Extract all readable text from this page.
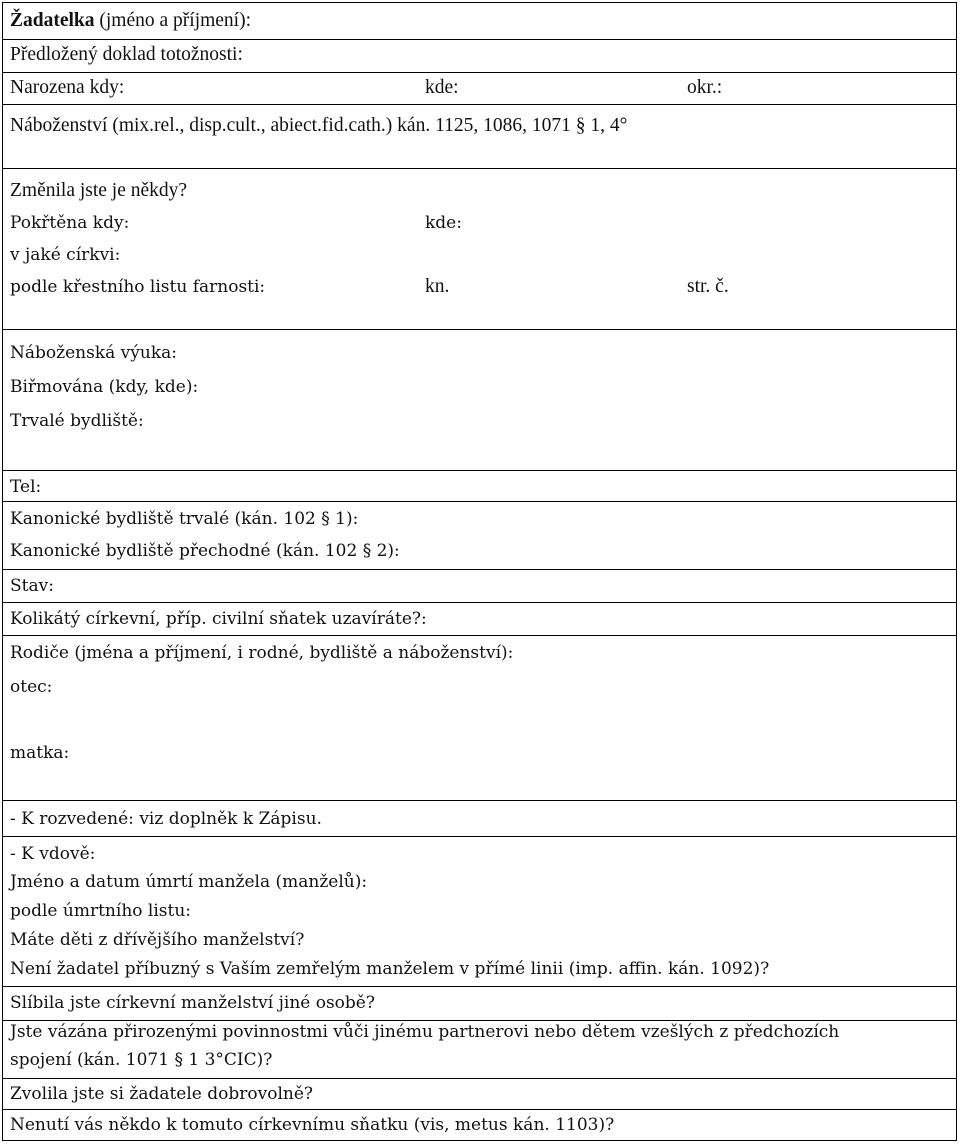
Žadatelka (jméno a příjmení):
Předložený doklad totožnosti:
Narozena kdy:	kde:	okr.:
Náboženství (mix.rel., disp.cult., abiect.fid.cath.) kán. 1125, 1086, 1071 § 1, 4°
Změnila jste je někdy?
Pokřtěna kdy:	kde:
v jaké církvi:
podle křestního listu farnosti:	kn.	str. č.
Náboženská výuka:
Biřmována (kdy, kde):
Trvalé bydliště:
Tel:
Kanonické bydliště trvalé (kán. 102 § 1):
Kanonické bydliště přechodné (kán. 102 § 2):
Stav:
Kolikátý církevní, příp. civilní sňatek uzavíráte?:
Rodiče (jména a příjmení, i rodné, bydliště a náboženství):
otec:
matka:
- K rozvedené: viz doplněk k Zápisu.
- K vdově:
Jméno a datum úmrtí manžela (manželů):
podle úmrtního listu:
Máte děti z dřívějšího manželství?
Není žadatel příbuzný s Vaším zemřelým manželem v přímé linii (imp. affin. kán. 1092)?
Slíbila jste církevní manželství jiné osobě?
Jste vázána přirozenými povinnostmi vůči jinému partnerovi nebo dětem vzešlých z předchozích
spojení (kán. 1071 § 1 3°CIC)?
Zvolila jste si žadatele dobrovolně?
Nenutí vás někdo k tomuto církevnímu sňatku (vis, metus kán. 1103)?
